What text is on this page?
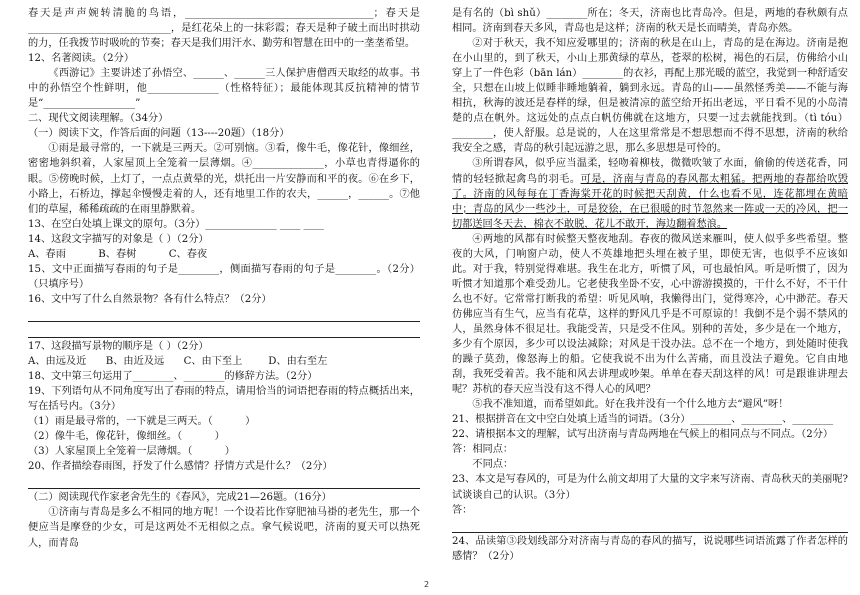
春天是声声婉转清脆的鸟语，_____________________________________；春天是____________________________，是红花朵上的一抹彩霞；春天是种子破土而出时拱动的力，任我拨节时吸吮的节奏；春天是我们用汗水、勤劳和智慧在田中的一垄垄希望。

12、名著阅读。（2分）

《西游记》主要讲述了孙悟空、______、______三人保护唐僧西天取经的故事。书中的孙悟空个性鲜明，他______________（性格特征）；最能体现其反抗精神的情节是“__________________”

二、现代文阅读理解。（34分）

（一）阅读下文，作答后面的问题（13----20题）（18分）

①雨是最寻常的，一下就是三两天。②可别恼。③看，像牛毛，像花针，像细丝，密密地斜织着，人家屋顶上全笼着一层薄烟。④______________，小草也青得逼你的眼。⑤傍晚时候，上灯了，一点点黄晕的光，烘托出一片安静而和平的夜。⑥在乡下，小路上，石桥边，撑起伞慢慢走着的人，还有地里工作的农夫，______，______。⑦他们的草屋，稀稀疏疏的在雨里静默着。

13、在空白处填上课文的原句。（3分）______________ ____ ____

14、这段文字描写的对象是（ ）（2分）

A、春雨          B、春树          C、春夜

15、文中正面描写春雨的句子是________，侧面描写春雨的句子是________。（2分）（只填序号）

16、文中写了什么自然景物？各有什么特点？（2分）

17、这段描写景物的顺序是（ ）（2分）

A、由远及近      B、由近及远      C、由下至上        D、由右至左

18、文中第三句运用了________、________的修辞方法。（2分）

19、下列语句从不同角度写出了春雨的特点，请用恰当的词语把春雨的特点概括出来，写在括号内。（3分）

（1）雨是最寻常的，一下就是三两天。（          ）

（2）像牛毛，像花针，像细丝。（          ）

（3）人家屋顶上全笼着一层薄烟。（          ）

20、作者描绘春雨图，抒发了什么感情？抒情方式是什么？（2分）

（二）阅读现代作家老舍先生的《春风》，完成21—26题。（16分）

①济南与青岛是多么不相同的地方呢！一个设若比作穿肥袖马褂的老先生，那一个便应当是摩登的少女，可是这两处不无相似之点。拿气候说吧，济南的夏天可以热死人，而青岛

是有名的（bì shǔ）________所在；冬天，济南也比青岛冷。但是，两地的春秋颇有点相同。济南到春天多风，青岛也是这样；济南的秋天是长而晴美，青岛亦然。

②对于秋天，我不知应爱哪里的；济南的秋是在山上，青岛的是在海边。济南是抱在小山里的，到了秋天，小山上那黄绿的草丛，苍翠的松树，褐色的石层，仿佛给小山穿上了一件色彩（bān lán）________的衣衫，再配上那光暖的蓝空，我觉到一种舒适安全，只想在山坡上似睡非睡地躺着，躺到永远。青岛的山——虽然怪秀美——不能与海相抗，秋海的波还是春样的绿，但是被清凉的蓝空给开拓出老远，平日看不见的小岛清楚的点在帆外。这远处的点点白帆仿佛就在这地方，只要一过去就能找到。（tì tóu）________，使人舒服。总是说的，人在这里常常是不想思想而不得不思想，济南的秋给我安全之感，青岛的秋引起远游之思，那么多思想是可怜的。

③所谓春风，似乎应当温柔，轻吻着柳枝，微微吹皱了水面，偷偷的传送花香，同情的轻轻掀起禽鸟的羽毛。可是，济南与青岛的春风都太粗猛。把两地的春都给吹毁了。济南的风每每在丁香海棠开花的时候把天刮黄，什么也看不见，连花都埋在黄暗中；青岛的风少一些沙土，可是狡狯，在已很暖的时节忽然来一阵或一天的冷风，把一切都送回冬天去，棉衣不敢脱，花儿不敢开，海边翻着愁浪。

④两地的风都有时候整天整夜地刮。春夜的微风送来雁叫，使人似乎多些希望。整夜的大风，门响窗户动，使人不英雄地把头埋在被子里，即使无害，也似乎不应该如此。对于我，特别觉得难堪。我生在北方，听惯了风，可也最怕风。听是听惯了，因为听惯才知道那个难受劲儿。它老使我坐卧不安，心中游游摸摸的，干什么不好，不干什么也不好。它常常打断我的希望：听见风响，我懒得出门，觉得寒冷，心中渺茫。春天仿佛应当有生气，应当有花草，这样的野风几乎是不可原谅的！我倒不是个弱不禁风的人，虽然身体不很足壮。我能受苦，只是受不住风。别种的苦处，多少是在一个地方，多少有个原因，多少可以设法减除；对风是干没办法。总不在一个地方，到处随时使我的躁子莫劲，像怒海上的船。它使我说不出为什么苦痛，而且没法子避免。它自由地刮，我死受着苦。我不能和风去讲理或吵架。单单在春天刮这样的风！可是跟谁讲理去呢？苏杭的春天应当没有这不得人心的风吧？

⑤我不准知道，而希望如此。好在我并没有一个什么地方去“避风”呀！

21、根据拼音在文中空白处填上适当的词语。（3分）________、________、________

22、请根据本文的理解，试写出济南与青岛两地在气候上的相同点与不同点。（2分）

答：相同点：

不同点：

23、本文是写春风的，可是为什么前文却用了大量的文字来写济南、青岛秋天的美丽呢?试谈谈自己的认识。（3分）

答：

24、品读第③段划线部分对济南与青岛的春风的描写，说说哪些词语流露了作者怎样的感情？（2分）

2
